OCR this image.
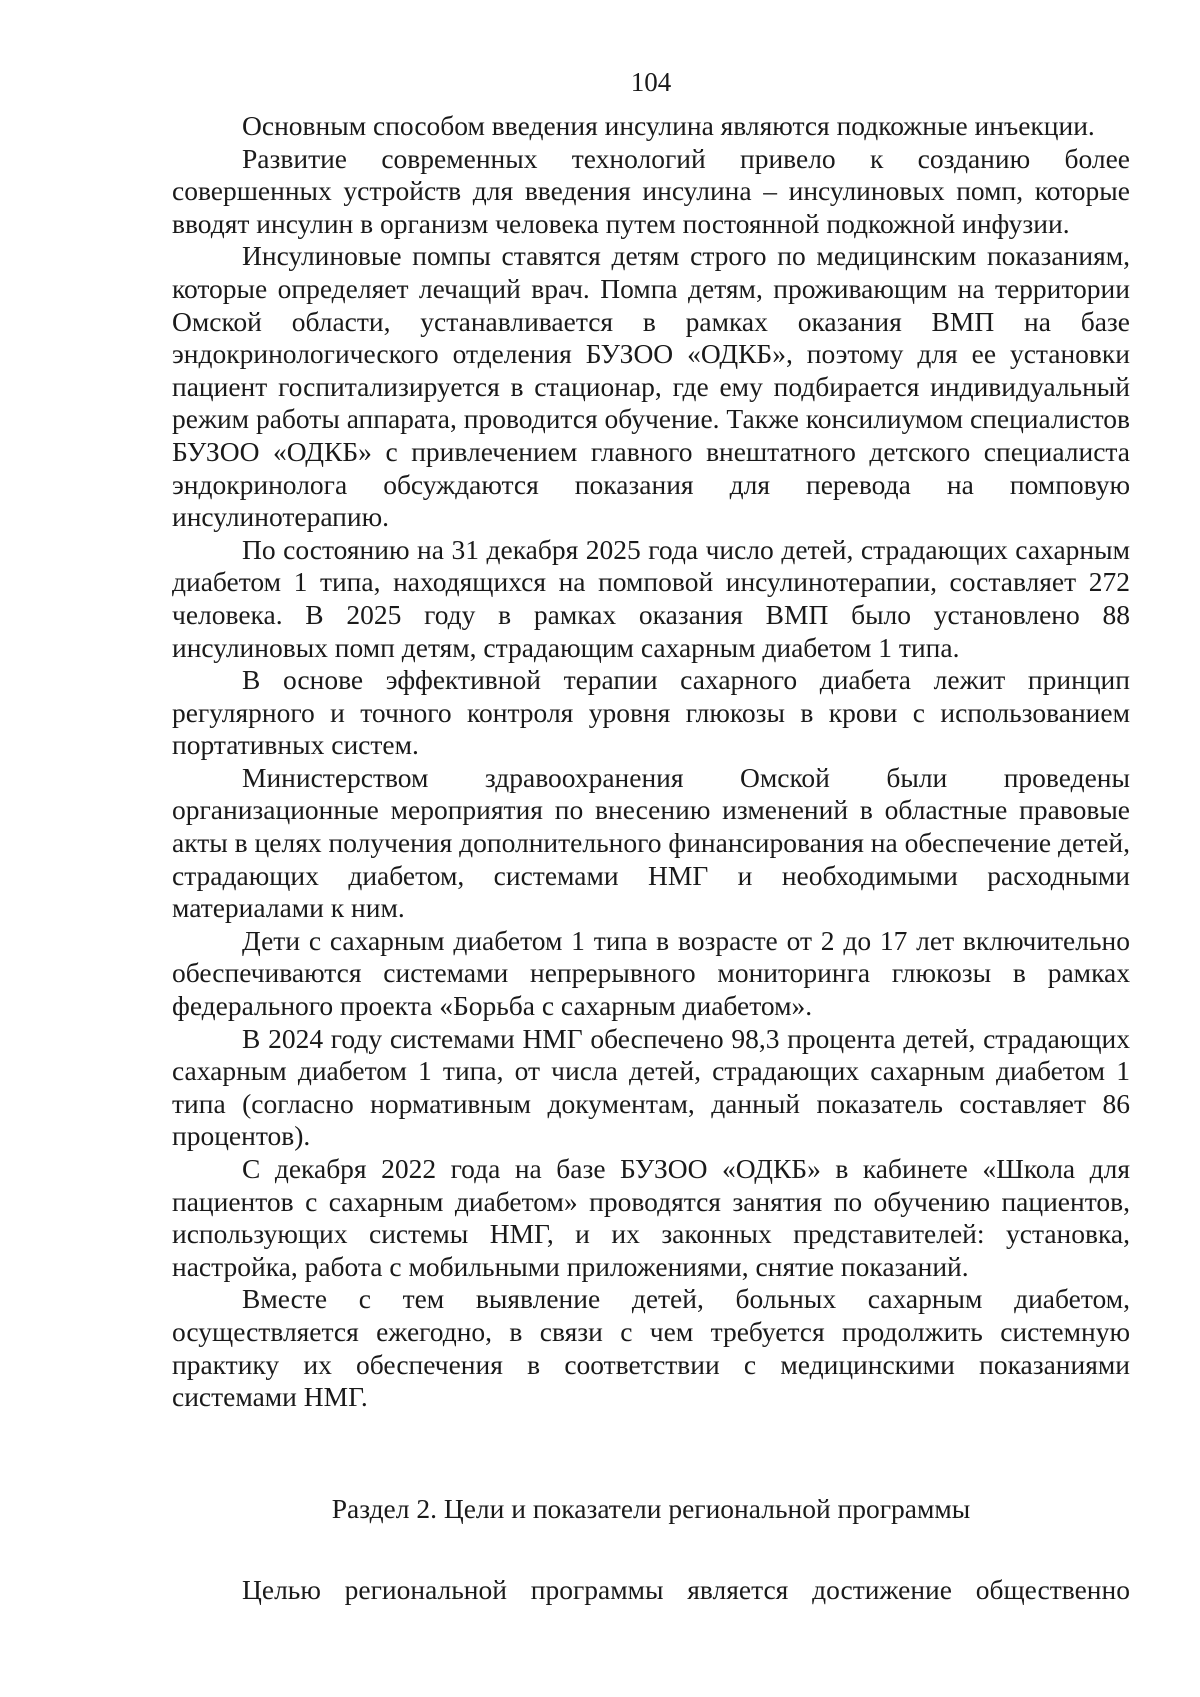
104

Основным способом введения инсулина являются подкожные инъекции.

Развитие современных технологий привело к созданию более совершенных устройств для введения инсулина – инсулиновых помп, которые вводят инсулин в организм человека путем постоянной подкожной инфузии.

Инсулиновые помпы ставятся детям строго по медицинским показаниям, которые определяет лечащий врач. Помпа детям, проживающим на территории Омской области, устанавливается в рамках оказания ВМП на базе эндокринологического отделения БУЗОО «ОДКБ», поэтому для ее установки пациент госпитализируется в стационар, где ему подбирается индивидуальный режим работы аппарата, проводится обучение. Также консилиумом специалистов БУЗОО «ОДКБ» с привлечением главного внештатного детского специалиста эндокринолога обсуждаются показания для перевода на помповую инсулинотерапию.

По состоянию на 31 декабря 2025 года число детей, страдающих сахарным диабетом 1 типа, находящихся на помповой инсулинотерапии, составляет 272 человека. В 2025 году в рамках оказания ВМП было установлено 88 инсулиновых помп детям, страдающим сахарным диабетом 1 типа.

В основе эффективной терапии сахарного диабета лежит принцип регулярного и точного контроля уровня глюкозы в крови с использованием портативных систем.

Министерством здравоохранения Омской были проведены организационные мероприятия по внесению изменений в областные правовые акты в целях получения дополнительного финансирования на обеспечение детей, страдающих диабетом, системами НМГ и необходимыми расходными материалами к ним.

Дети с сахарным диабетом 1 типа в возрасте от 2 до 17 лет включительно обеспечиваются системами непрерывного мониторинга глюкозы в рамках федерального проекта «Борьба с сахарным диабетом».

В 2024 году системами НМГ обеспечено 98,3 процента детей, страдающих сахарным диабетом 1 типа, от числа детей, страдающих сахарным диабетом 1 типа (согласно нормативным документам, данный показатель составляет 86 процентов).

С декабря 2022 года на базе БУЗОО «ОДКБ» в кабинете «Школа для пациентов с сахарным диабетом» проводятся занятия по обучению пациентов, использующих системы НМГ, и их законных представителей: установка, настройка, работа с мобильными приложениями, снятие показаний.

Вместе с тем выявление детей, больных сахарным диабетом, осуществляется ежегодно, в связи с чем требуется продолжить системную практику их обеспечения в соответствии с медицинскими показаниями системами НМГ.

Раздел 2. Цели и показатели региональной программы

Целью региональной программы является достижение общественно
